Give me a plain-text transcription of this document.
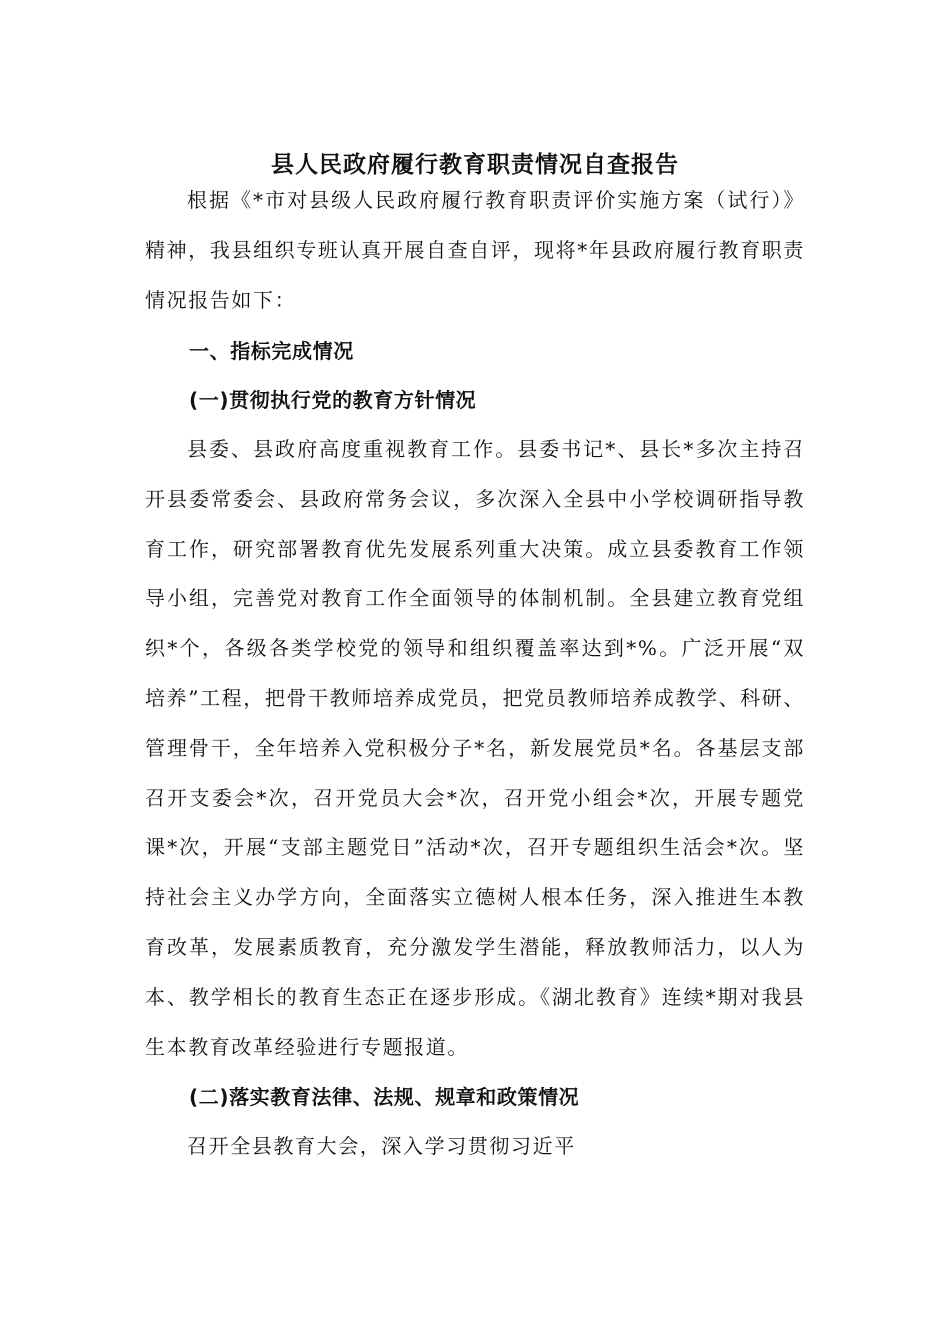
县人民政府履行教育职责情况自查报告

根据《*市对县级人民政府履行教育职责评价实施方案（试行）》精神，我县组织专班认真开展自查自评，现将*年县政府履行教育职责情况报告如下：

一、指标完成情况
(一)贯彻执行党的教育方针情况

县委、县政府高度重视教育工作。县委书记*、县长*多次主持召开县委常委会、县政府常务会议，多次深入全县中小学校调研指导教育工作，研究部署教育优先发展系列重大决策。成立县委教育工作领导小组，完善党对教育工作全面领导的体制机制。全县建立教育党组织*个，各级各类学校党的领导和组织覆盖率达到*%。广泛开展“双培养”工程，把骨干教师培养成党员，把党员教师培养成教学、科研、管理骨干，全年培养入党积极分子*名，新发展党员*名。各基层支部召开支委会*次，召开党员大会*次，召开党小组会*次，开展专题党课*次，开展“支部主题党日”活动*次，召开专题组织生活会*次。坚持社会主义办学方向，全面落实立德树人根本任务，深入推进生本教育改革，发展素质教育，充分激发学生潜能，释放教师活力，以人为本、教学相长的教育生态正在逐步形成。《湖北教育》连续*期对我县生本教育改革经验进行专题报道。

(二)落实教育法律、法规、规章和政策情况

召开全县教育大会，深入学习贯彻习近平
